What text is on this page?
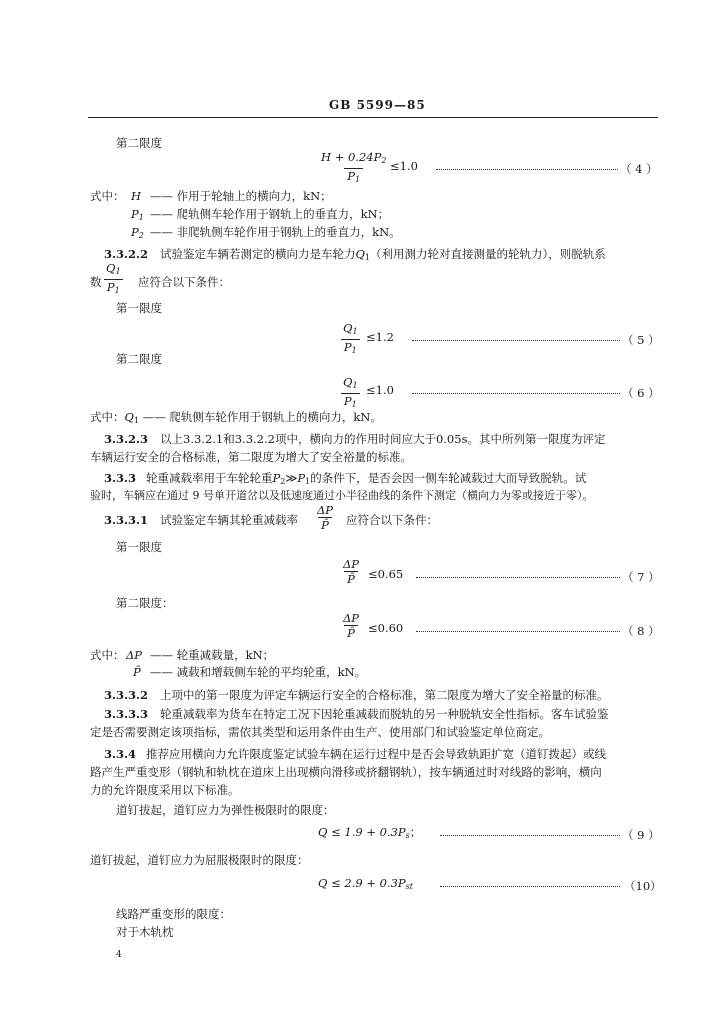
GB 5599—85
第二限度
$\frac{H + 0.24P_2}{P_1} \le 1.0$	（ 4 ）
式中： H —— 作用于轮轴上的横向力，kN；
$P_1$ —— 爬轨侧车轮作用于钢轨上的垂直力，kN；
$P_2$ —— 非爬轨侧车轮作用于钢轨上的垂直力，kN。
3.3.2.2 试验鉴定车辆若测定的横向力是车轮力$Q_1$（利用测力轮对直接测量的轮轨力），则脱轨系
数 $\frac{Q_1}{P_1}$ 应符合以下条件：
第一限度
$\frac{Q_1}{P_1} \le 1.2$	（ 5 ）
第二限度
$\frac{Q_1}{P_1} \le 1.0$	（ 6 ）
式中：$Q_1$ —— 爬轨侧车轮作用于钢轨上的横向力，kN。
3.3.2.3 以上3.3.2.1和3.3.2.2项中，横向力的作用时间应大于0.05s。其中所列第一限度为评定
车辆运行安全的合格标准，第二限度为增大了安全裕量的标准。
3.3.3 轮重减载率用于车轮轮重$P_2≫P_1$的条件下，是否会因一侧车轮减载过大而导致脱轨。试
验时，车辆应在通过 9 号单开道岔以及低速度通过小半径曲线的条件下测定（横向力为零或接近于零）。
3.3.3.1 试验鉴定车辆其轮重减载率 $\frac{\Delta P}{P̄}$ 应符合以下条件：
第一限度
$\frac{\Delta P}{P̄} \le 0.65$	（ 7 ）
第二限度：
$\frac{\Delta P}{P̄} \le 0.60$	（ 8 ）
式中： ΔP —— 轮重减载量，kN；
P̄ —— 减载和增载侧车轮的平均轮重，kN。
3.3.3.2 上项中的第一限度为评定车辆运行安全的合格标准，第二限度为增大了安全裕量的标准。
3.3.3.3 轮重减载率为货车在特定工况下因轮重减载而脱轨的另一种脱轨安全性指标。客车试验鉴
定是否需要测定该项指标，需依其类型和运用条件由生产、使用部门和试验鉴定单位商定。
3.3.4 推荐应用横向力允许限度鉴定试验车辆在运行过程中是否会导致轨距扩宽（道钉拨起）或线
路产生严重变形（钢轨和轨枕在道床上出现横向滑移或挤翻钢轨），按车辆通过时对线路的影响，横向
力的允许限度采用以下标准。
道钉拔起，道钉应力为弹性极限时的限度：
$Q \le 1.9 + 0.3P_s$；	（ 9 ）
道钉拔起，道钉应力为屈服极限时的限度：
$Q \le 2.9 + 0.3P_{st}$	（10）
线路严重变形的限度：
对于木轨枕
4
